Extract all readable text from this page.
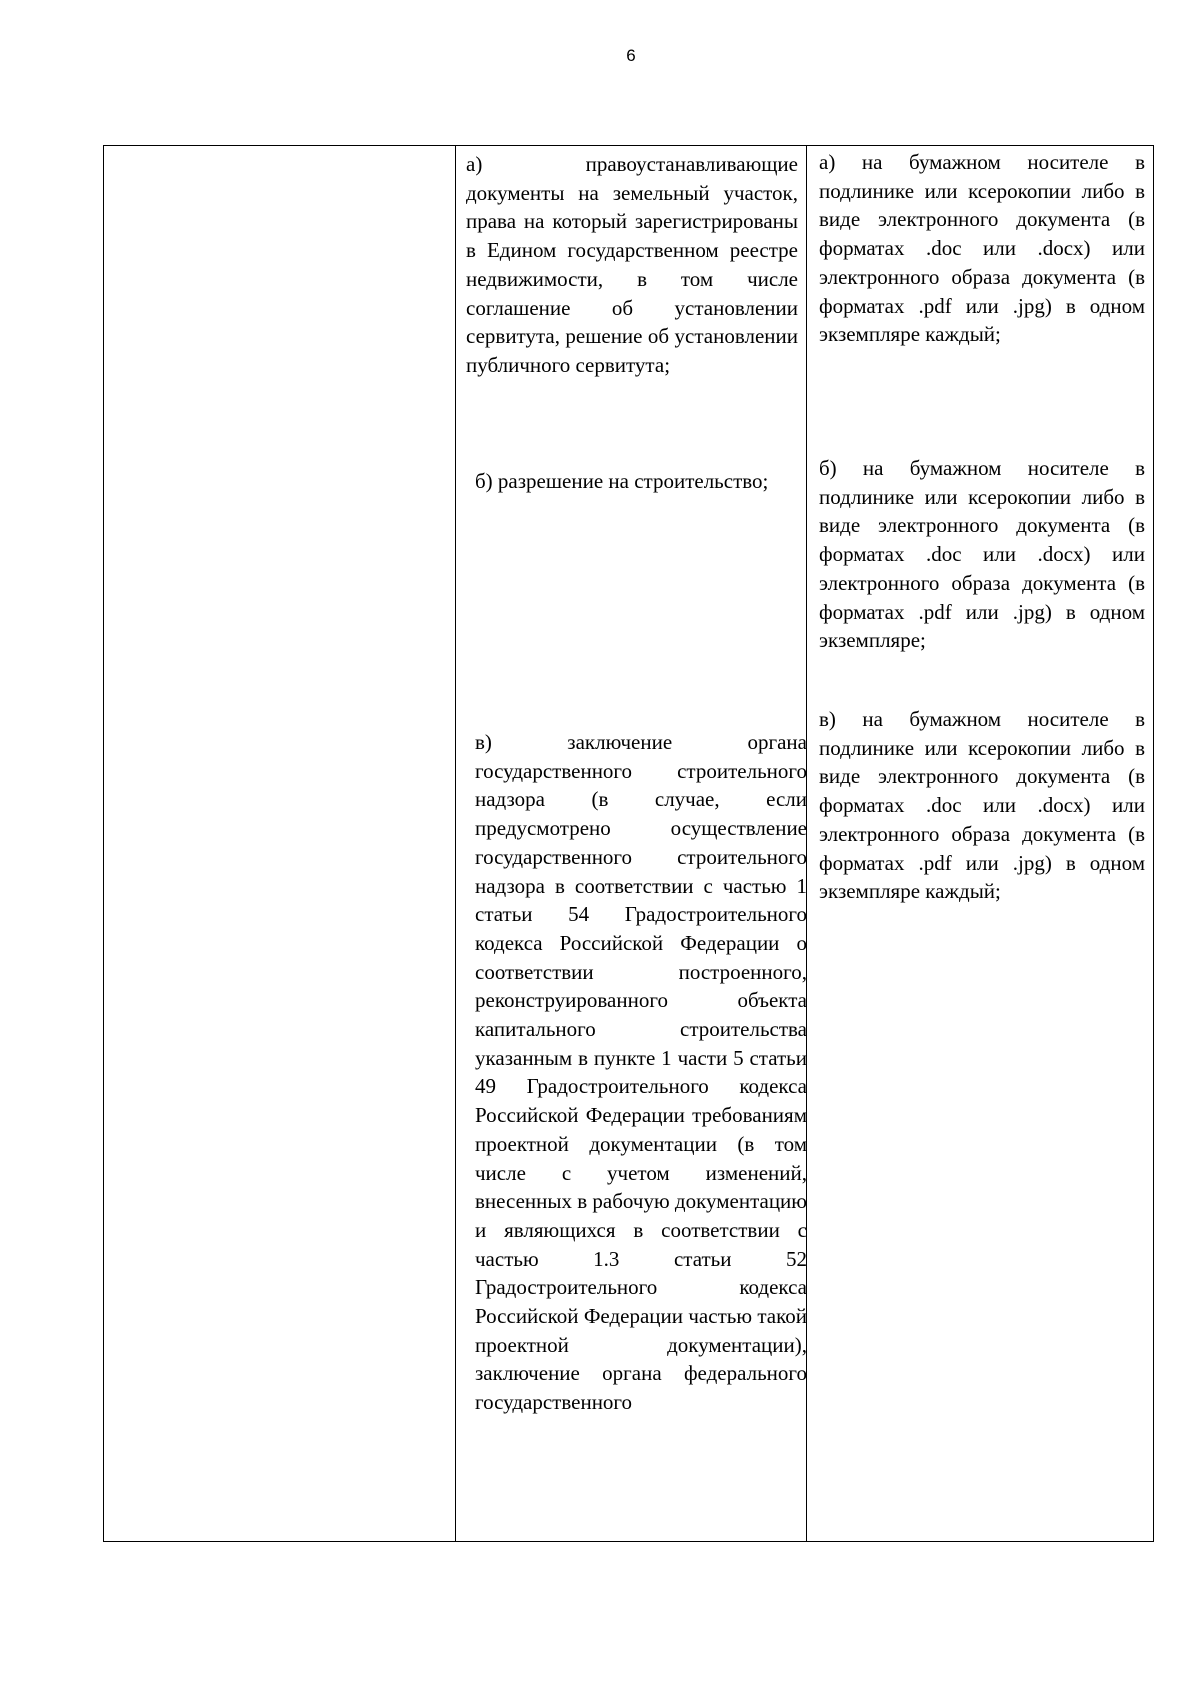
6
а) правоустанавливающие документы на земельный участок, права на который зарегистрированы в Едином государственном реестре недвижимости, в том числе соглашение об установлении сервитута, решение об установлении публичного сервитута;
б) разрешение на строительство;
в) заключение органа государственного строительного надзора (в случае, если предусмотрено осуществление государственного строительного надзора в соответствии с частью 1 статьи 54 Градостроительного кодекса Российской Федерации о соответствии построенного, реконструированного объекта капитального строительства указанным в пункте 1 части 5 статьи 49 Градостроительного кодекса Российской Федерации требованиям проектной документации (в том числе с учетом изменений, внесенных в рабочую документацию и являющихся в соответствии с частью 1.3 статьи 52 Градостроительного кодекса Российской Федерации частью такой проектной документации), заключение органа федерального государственного
а) на бумажном носителе в подлинике или ксерокопии либо в виде электронного документа (в форматах .doc или .docx) или электронного образа документа (в форматах .pdf или .jpg) в одном экземпляре каждый;
б) на бумажном носителе в подлинике или ксерокопии либо в виде электронного документа (в форматах .doc или .docx) или электронного образа документа (в форматах .pdf или .jpg) в одном экземпляре;
в) на бумажном носителе в подлинике или ксерокопии либо в виде электронного документа (в форматах .doc или .docx) или электронного образа документа (в форматах .pdf или .jpg) в одном экземпляре каждый;
